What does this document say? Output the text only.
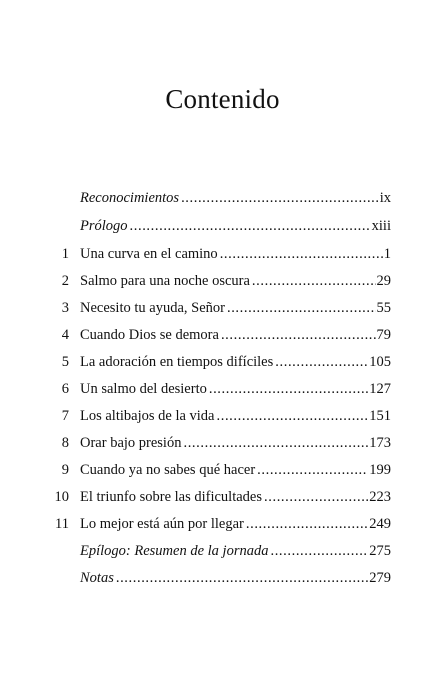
Contenido
Reconocimientos .....	ix
Prólogo .....	xiii
1 Una curva en el camino .....	1
2 Salmo para una noche oscura .....	29
3 Necesito tu ayuda, Señor .....	55
4 Cuando Dios se demora .....	79
5 La adoración en tiempos difíciles .....	105
6 Un salmo del desierto .....	127
7 Los altibajos de la vida .....	151
8 Orar bajo presión .....	173
9 Cuando ya no sabes qué hacer .....	199
10 El triunfo sobre las dificultades .....	223
11 Lo mejor está aún por llegar .....	249
Epílogo: Resumen de la jornada .....	275
Notas .....	279
